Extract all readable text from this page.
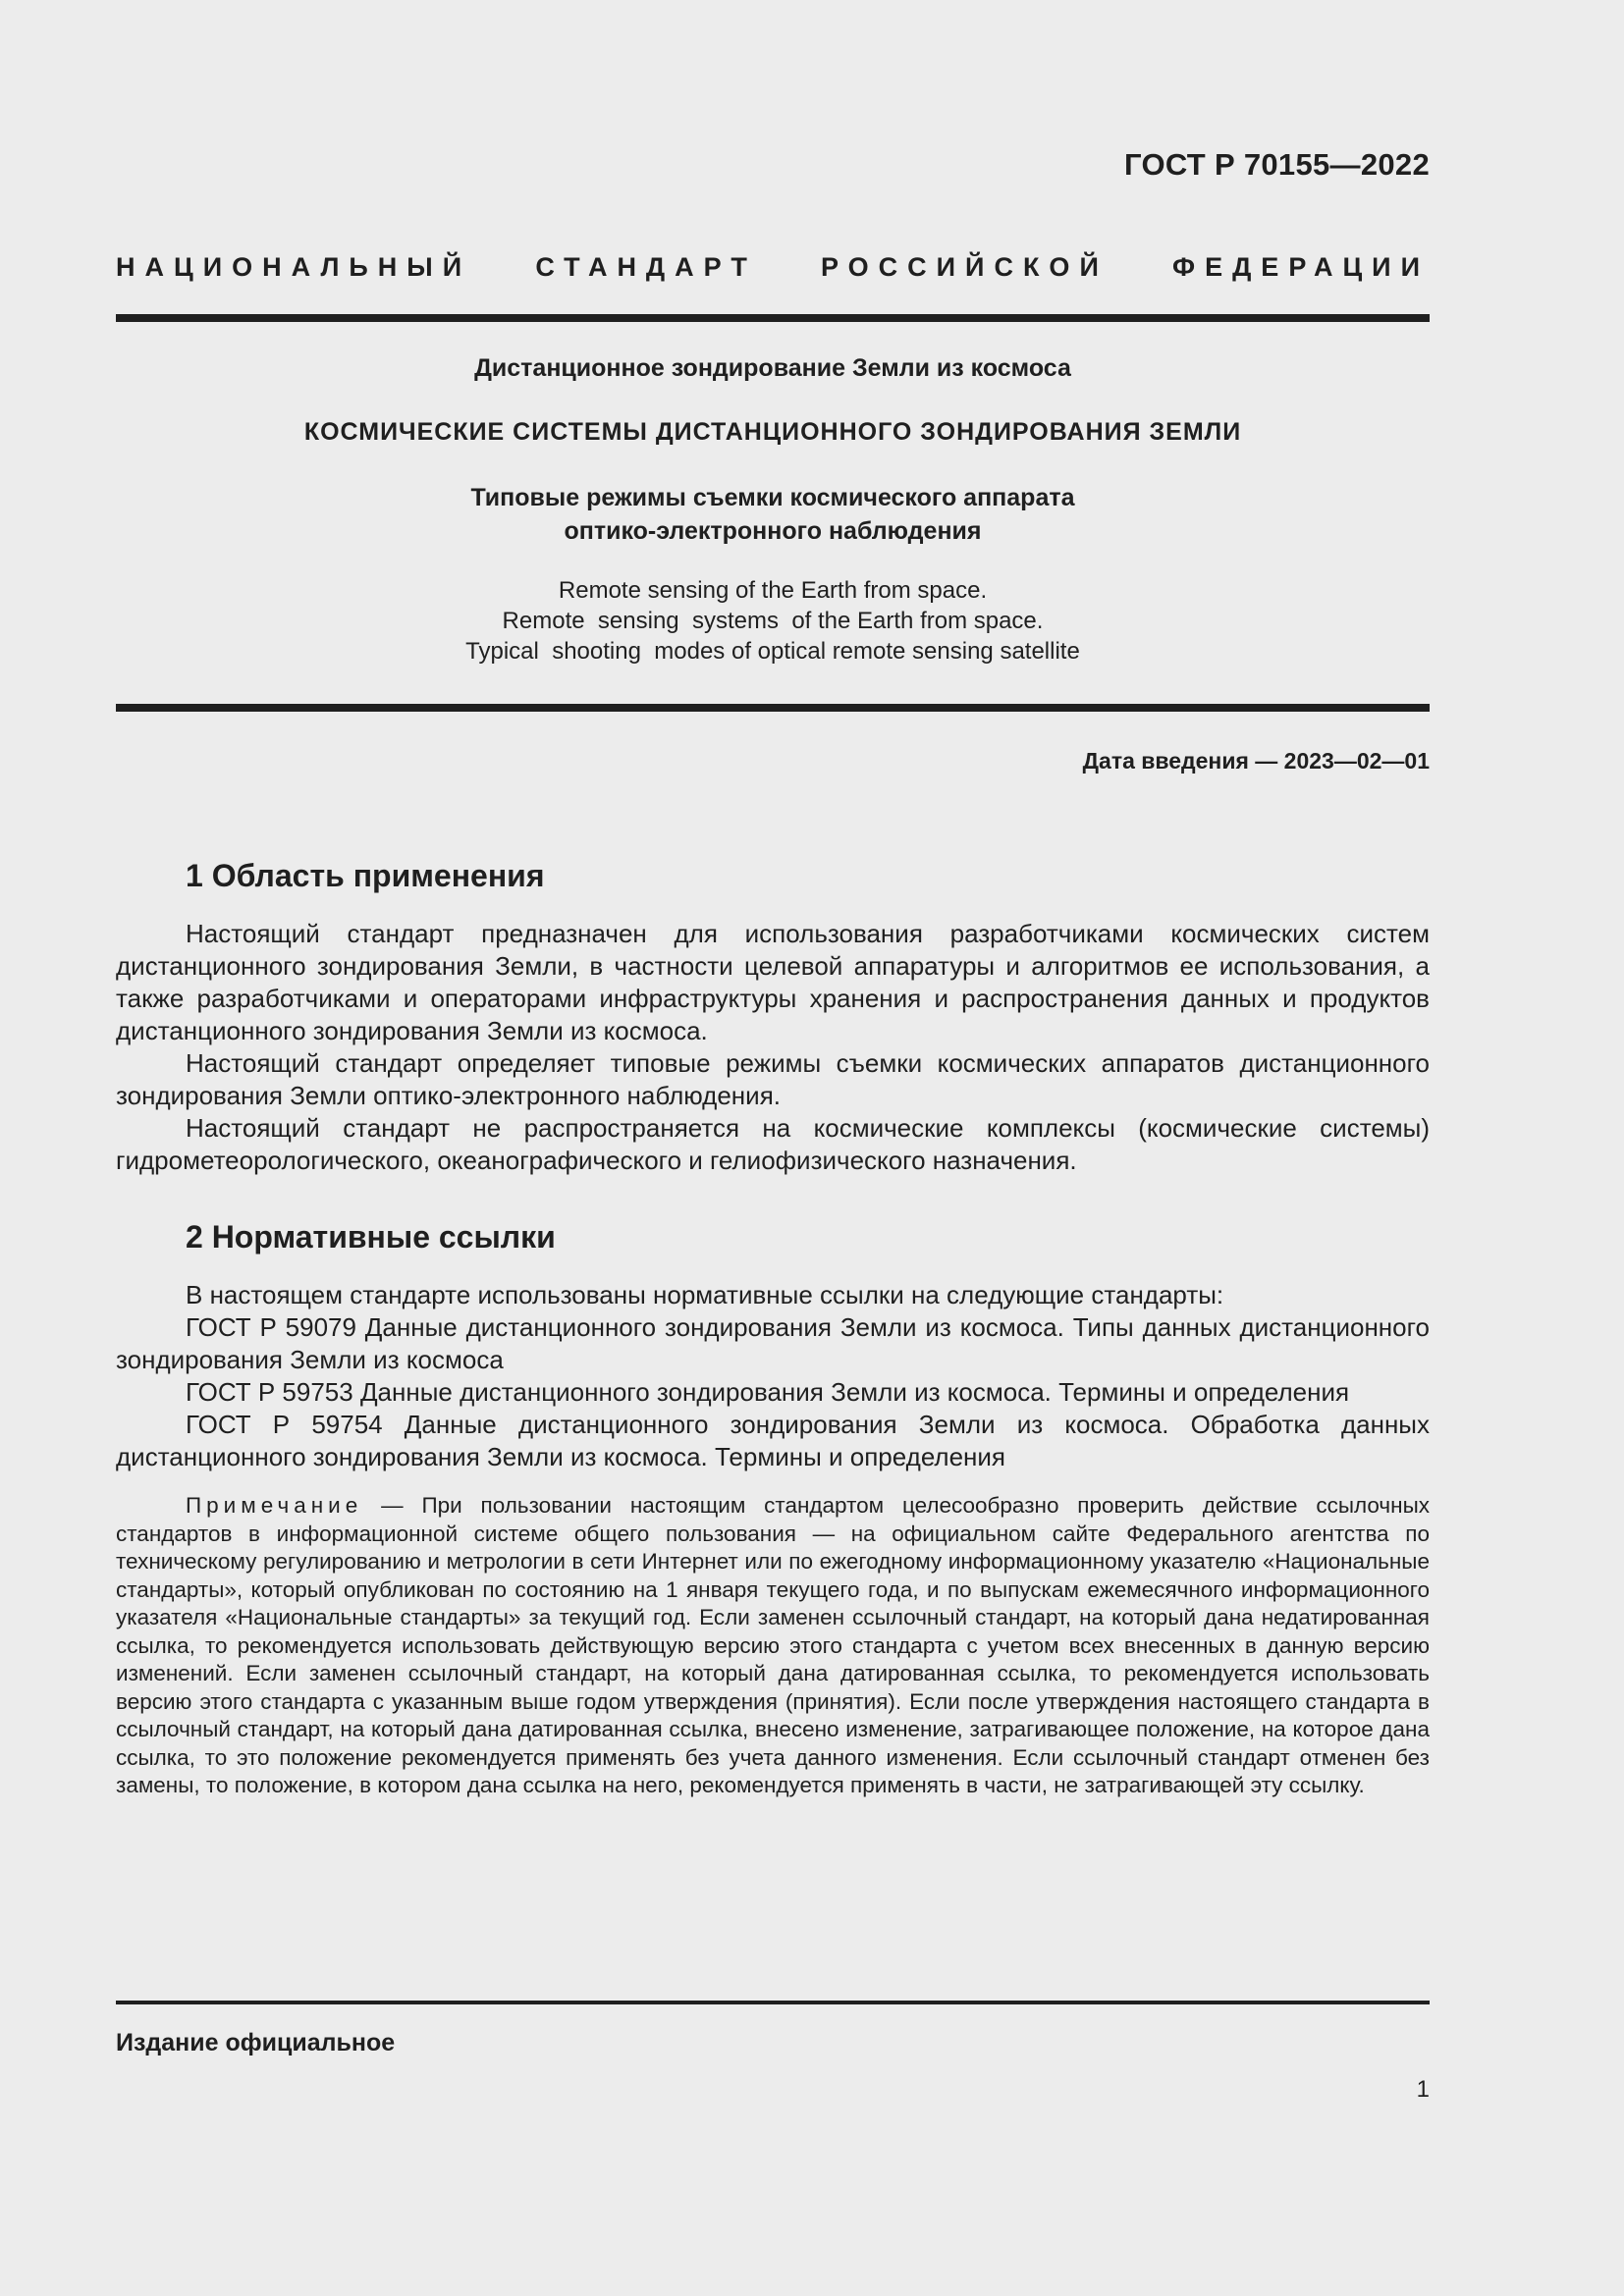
ГОСТ Р 70155—2022
НАЦИОНАЛЬНЫЙ СТАНДАРТ РОССИЙСКОЙ ФЕДЕРАЦИИ
Дистанционное зондирование Земли из космоса
КОСМИЧЕСКИЕ СИСТЕМЫ ДИСТАНЦИОННОГО ЗОНДИРОВАНИЯ ЗЕМЛИ
Типовые режимы съемки космического аппарата
оптико-электронного наблюдения
Remote sensing of the Earth from space.
Remote  sensing  systems  of the Earth from space.
Typical  shooting  modes of optical remote sensing satellite
Дата введения — 2023—02—01
1 Область применения

Настоящий стандарт предназначен для использования разработчиками космических систем дистанционного зондирования Земли, в частности целевой аппаратуры и алгоритмов ее использования, а также разработчиками и операторами инфраструктуры хранения и распространения данных и продуктов дистанционного зондирования Земли из космоса.

Настоящий стандарт определяет типовые режимы съемки космических аппаратов дистанционного зондирования Земли оптико-электронного наблюдения.

Настоящий стандарт не распространяется на космические комплексы (космические системы) гидрометеорологического, океанографического и гелиофизического назначения.

2 Нормативные ссылки

В настоящем стандарте использованы нормативные ссылки на следующие стандарты:

ГОСТ Р 59079 Данные дистанционного зондирования Земли из космоса. Типы данных дистанционного зондирования Земли из космоса

ГОСТ Р 59753 Данные дистанционного зондирования Земли из космоса. Термины и определения

ГОСТ Р 59754 Данные дистанционного зондирования Земли из космоса. Обработка данных дистанционного зондирования Земли из космоса. Термины и определения

Примечание — При пользовании настоящим стандартом целесообразно проверить действие ссылочных стандартов в информационной системе общего пользования — на официальном сайте Федерального агентства по техническому регулированию и метрологии в сети Интернет или по ежегодному информационному указателю «Национальные стандарты», который опубликован по состоянию на 1 января текущего года, и по выпускам ежемесячного информационного указателя «Национальные стандарты» за текущий год. Если заменен ссылочный стандарт, на который дана недатированная ссылка, то рекомендуется использовать действующую версию этого стандарта с учетом всех внесенных в данную версию изменений. Если заменен ссылочный стандарт, на который дана датированная ссылка, то рекомендуется использовать версию этого стандарта с указанным выше годом утверждения (принятия). Если после утверждения настоящего стандарта в ссылочный стандарт, на который дана датированная ссылка, внесено изменение, затрагивающее положение, на которое дана ссылка, то это положение рекомендуется применять без учета данного изменения. Если ссылочный стандарт отменен без замены, то положение, в котором дана ссылка на него, рекомендуется применять в части, не затрагивающей эту ссылку.

Издание официальное
1
